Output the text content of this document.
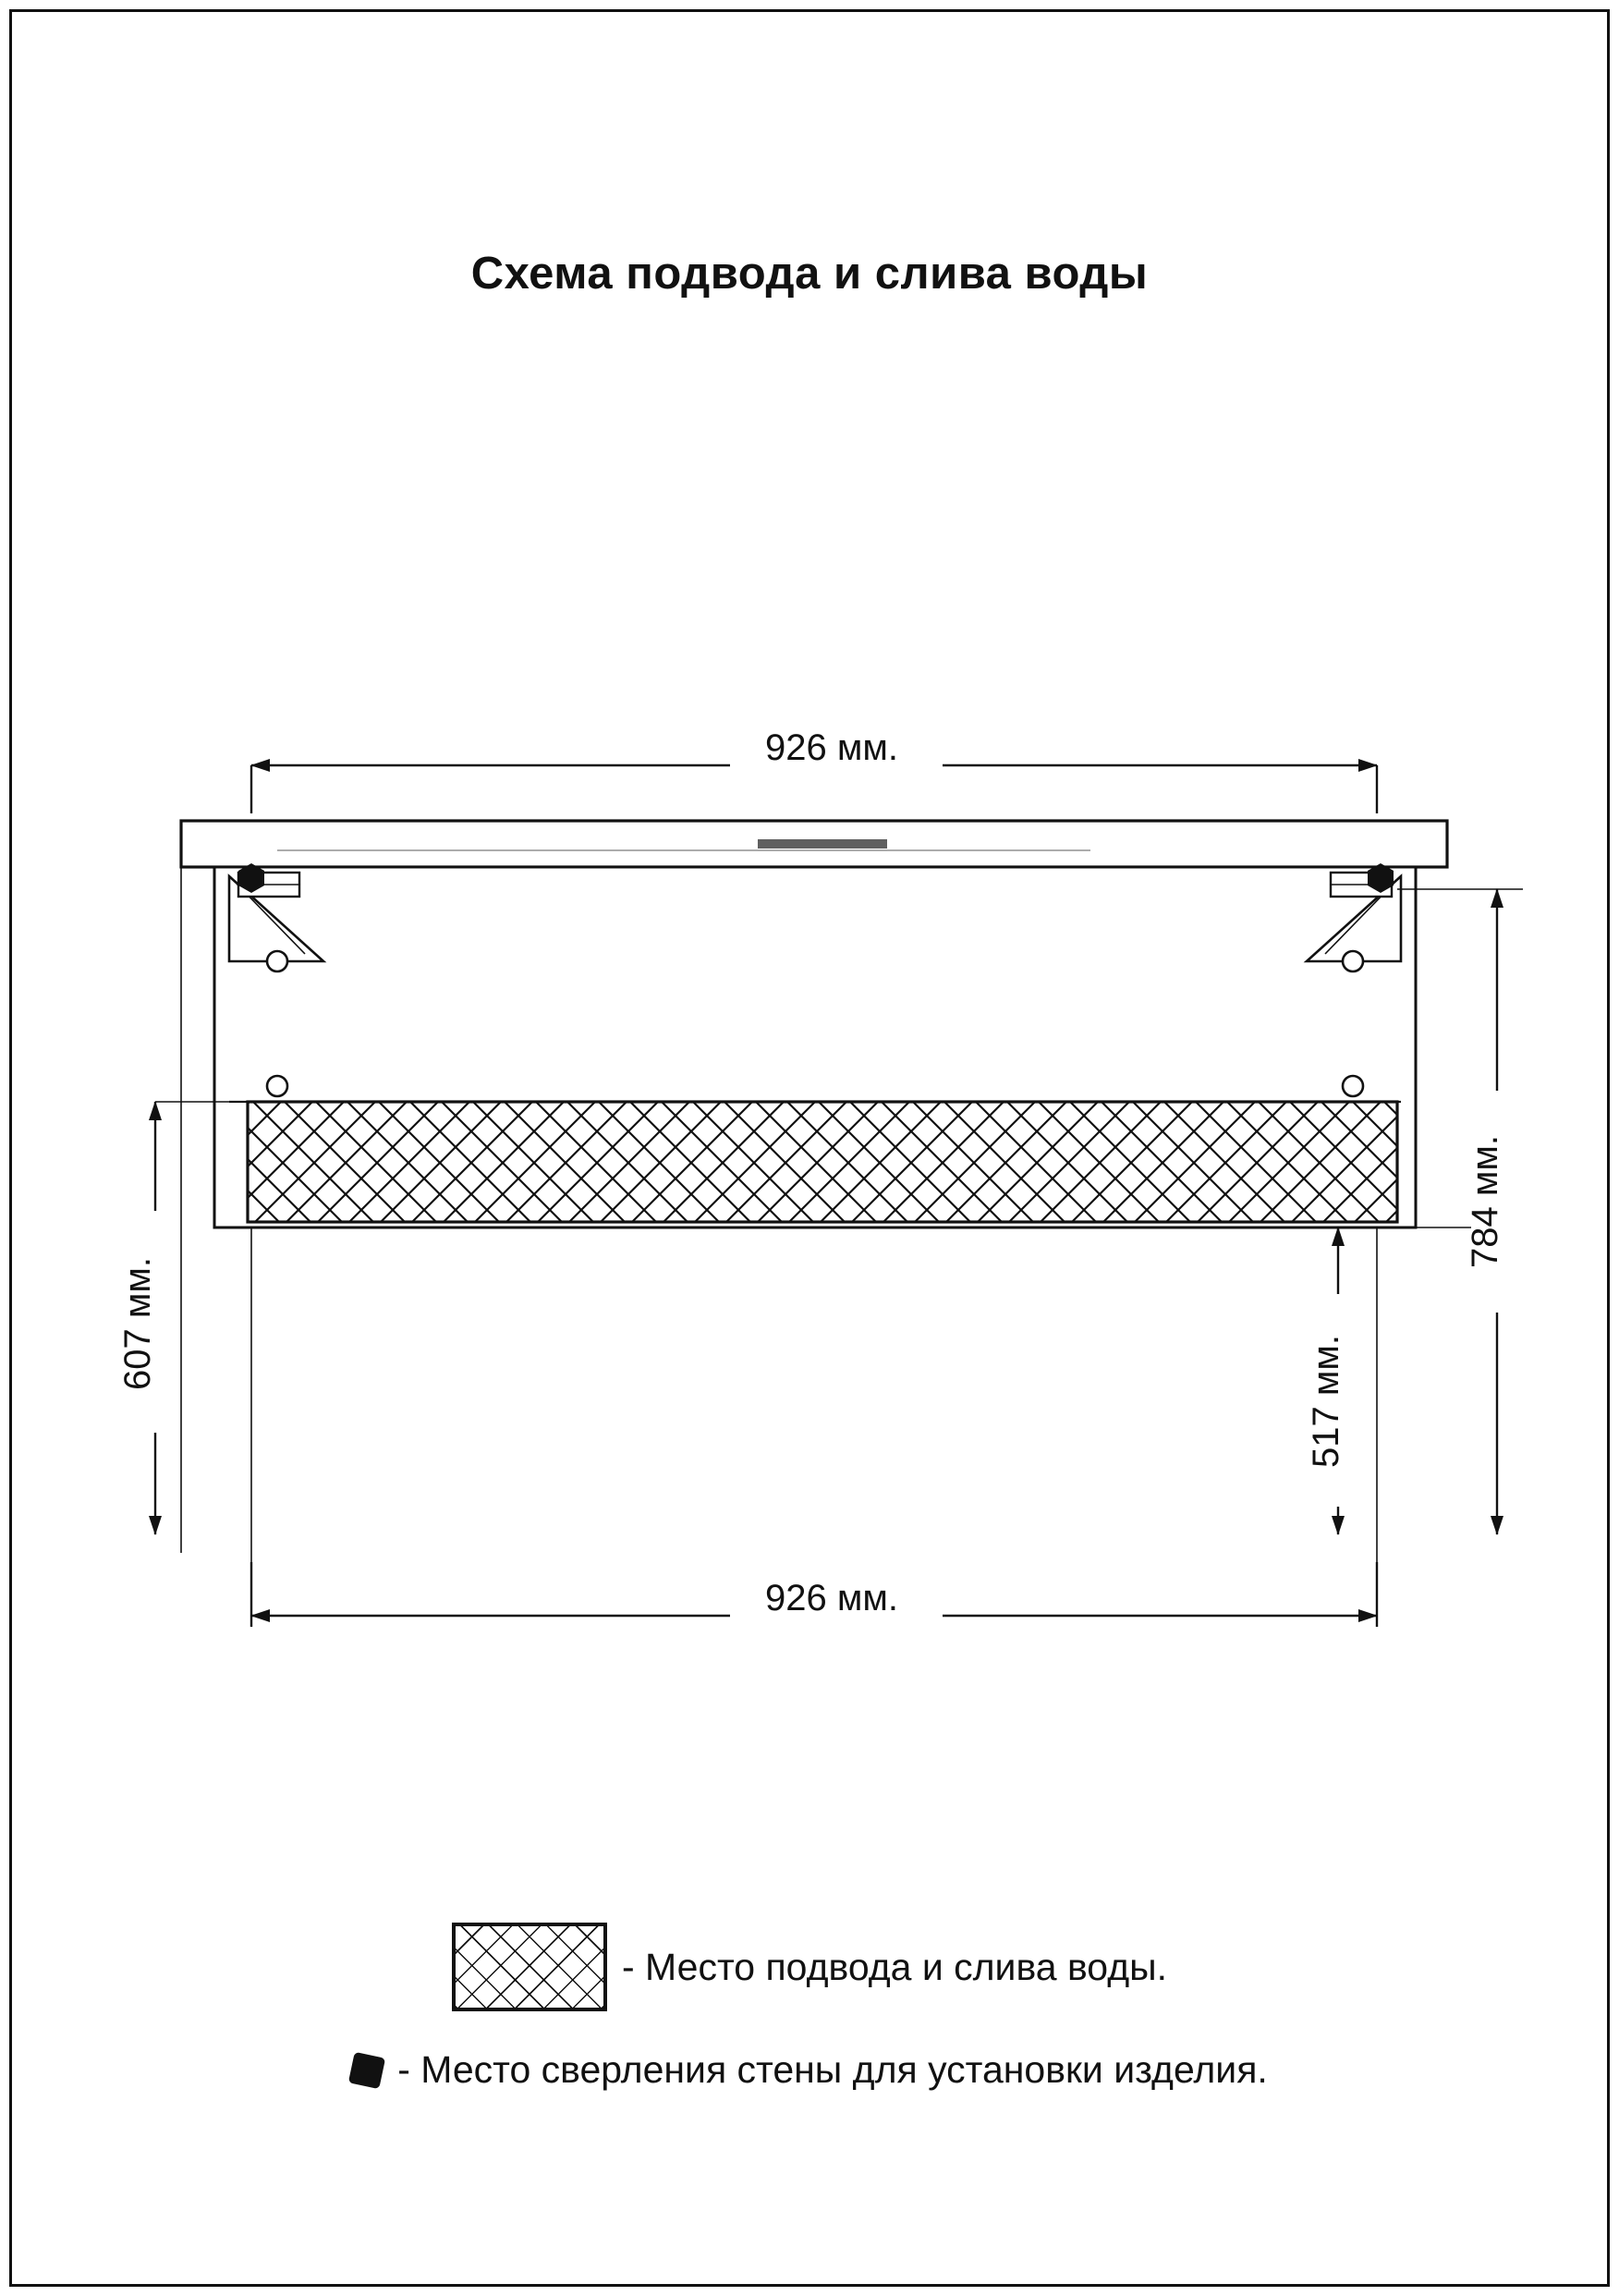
Схема подвода и слива воды
926 мм.
607 мм.
784 мм.
517 мм.
926 мм.
- Место подвода и слива воды.
- Место сверления стены для установки изделия.
